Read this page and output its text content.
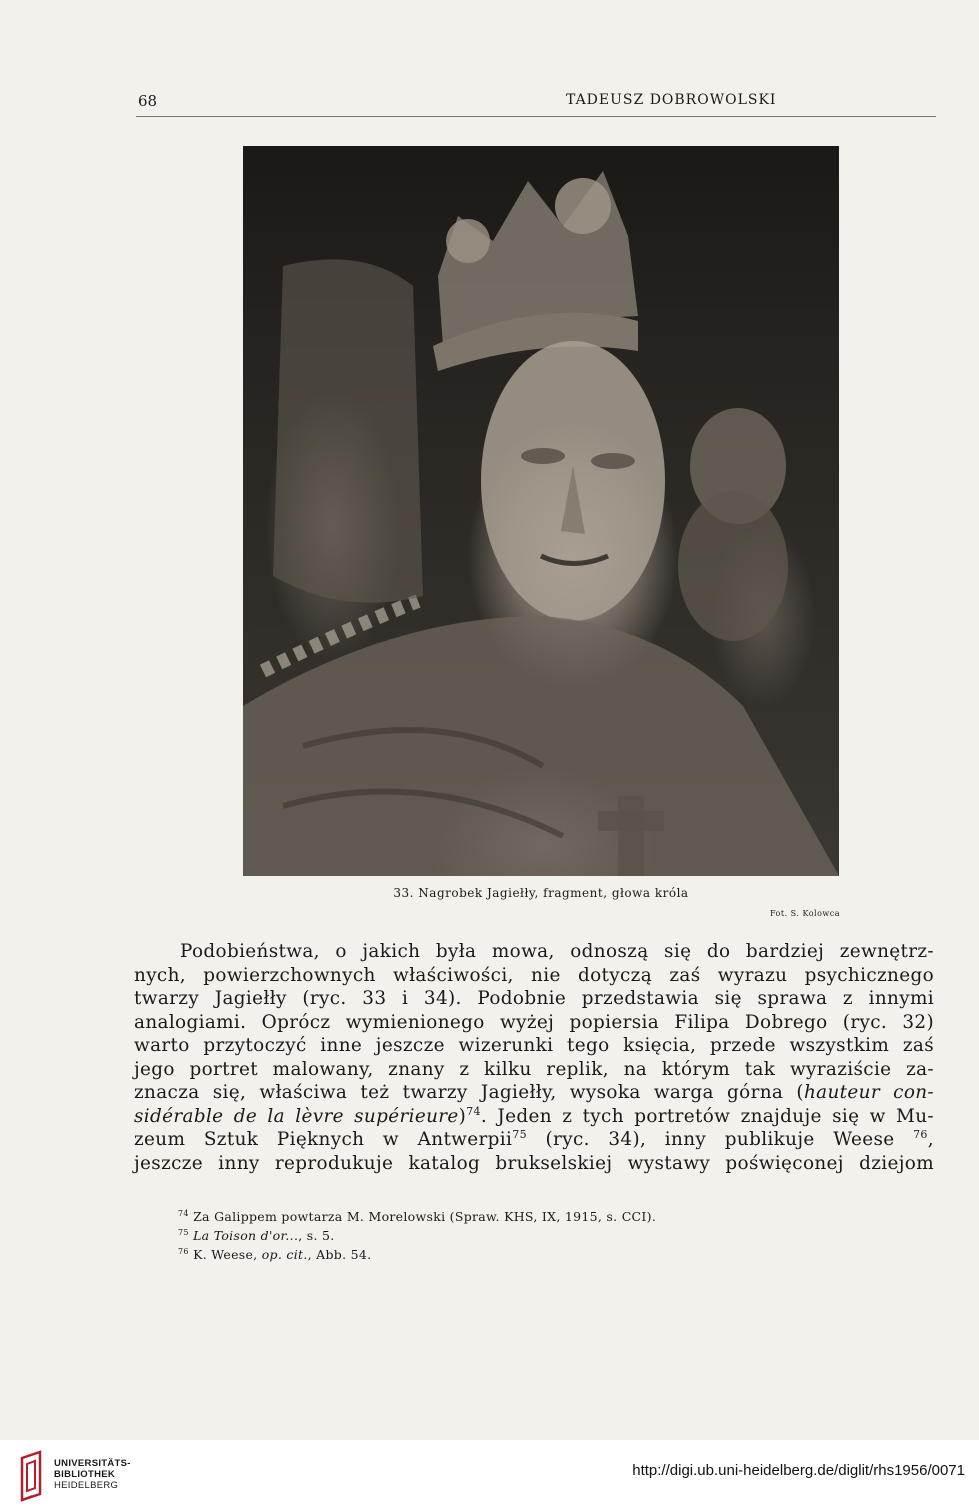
68	TADEUSZ DOBROWOLSKI
33. Nagrobek Jagiełły, fragment, głowa króla
Fot. S. Kolowca
Podobieństwa, o jakich była mowa, odnoszą się do bardziej zewnętrz-
nych, powierzchownych właściwości, nie dotyczą zaś wyrazu psychicznego
twarzy Jagiełły (ryc. 33 i 34). Podobnie przedstawia się sprawa z innymi
analogiami. Oprócz wymienionego wyżej popiersia Filipa Dobrego (ryc. 32)
warto przytoczyć inne jeszcze wizerunki tego księcia, przede wszystkim zaś
jego portret malowany, znany z kilku replik, na którym tak wyraziście za-
znacza się, właściwa też twarzy Jagiełły, wysoka warga górna (hauteur con-
sidérable de la lèvre supérieure)$^{74}$. Jeden z tych portretów znajduje się w Mu-
zeum Sztuk Pięknych w Antwerpii$^{75}$ (ryc. 34), inny publikuje Weese $^{76}$,
jeszcze inny reprodukuje katalog brukselskiej wystawy poświęconej dziejom
$^{74}$ Za Galippem powtarza M. Morelowski (Spraw. KHS, IX, 1915, s. CCI).
$^{75}$ La Toison d'or..., s. 5.
$^{76}$ K. Weese, op. cit., Abb. 54.
UNIVERSITÄTS-
BIBLIOTHEK
HEIDELBERG
http://digi.ub.uni-heidelberg.de/diglit/rhs1956/0071
